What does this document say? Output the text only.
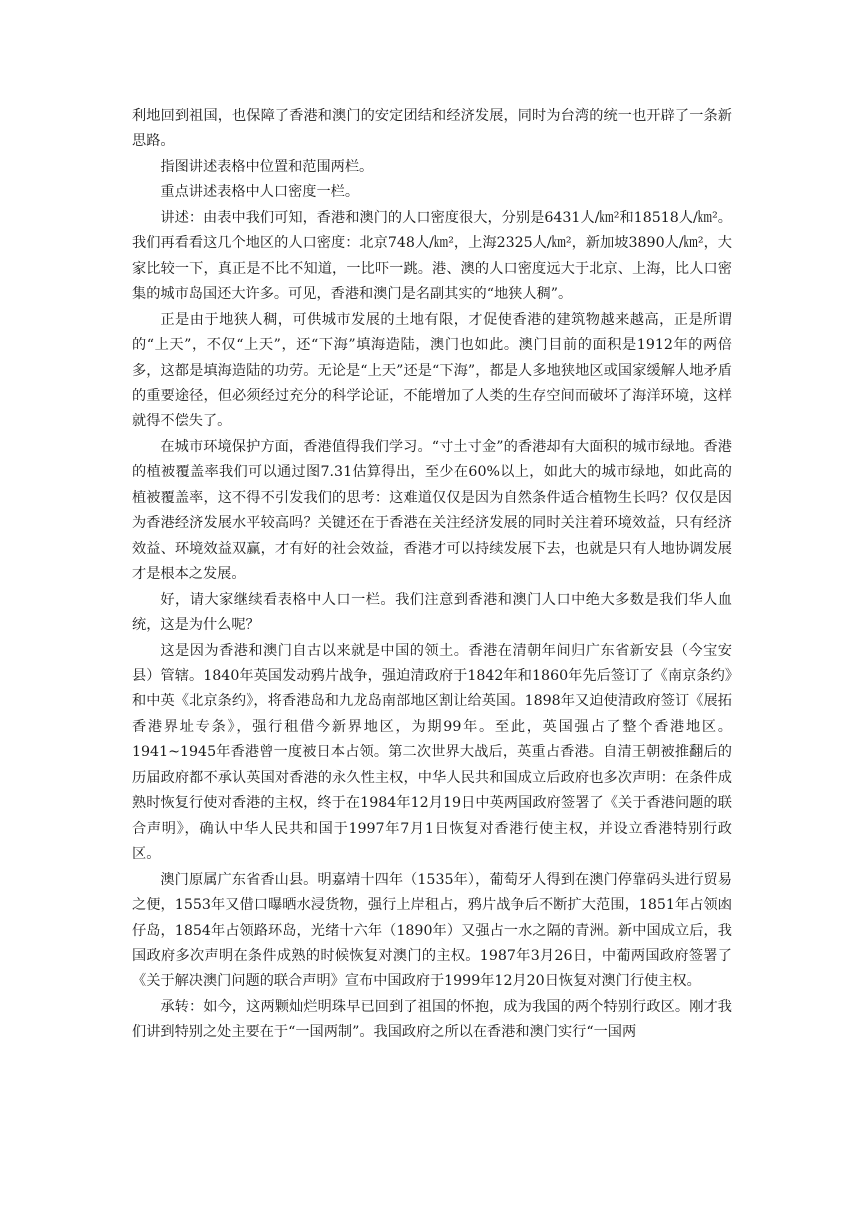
利地回到祖国，也保障了香港和澳门的安定团结和经济发展，同时为台湾的统一也开辟了一条新思路。

指图讲述表格中位置和范围两栏。

重点讲述表格中人口密度一栏。

讲述：由表中我们可知，香港和澳门的人口密度很大，分别是6431人/㎞²和18518人/㎞²。我们再看看这几个地区的人口密度：北京748人/㎞²，上海2325人/㎞²，新加坡3890人/㎞²，大家比较一下，真正是不比不知道，一比吓一跳。港、澳的人口密度远大于北京、上海，比人口密集的城市岛国还大许多。可见，香港和澳门是名副其实的“地狭人稠”。

正是由于地狭人稠，可供城市发展的土地有限，才促使香港的建筑物越来越高，正是所谓的“上天”，不仅“上天”，还“下海”填海造陆，澳门也如此。澳门目前的面积是1912年的两倍多，这都是填海造陆的功劳。无论是“上天”还是“下海”，都是人多地狭地区或国家缓解人地矛盾的重要途径，但必须经过充分的科学论证，不能增加了人类的生存空间而破坏了海洋环境，这样就得不偿失了。

在城市环境保护方面，香港值得我们学习。“寸土寸金”的香港却有大面积的城市绿地。香港的植被覆盖率我们可以通过图7.31估算得出，至少在60%以上，如此大的城市绿地，如此高的植被覆盖率，这不得不引发我们的思考：这难道仅仅是因为自然条件适合植物生长吗？仅仅是因为香港经济发展水平较高吗？关键还在于香港在关注经济发展的同时关注着环境效益，只有经济效益、环境效益双赢，才有好的社会效益，香港才可以持续发展下去，也就是只有人地协调发展才是根本之发展。

好，请大家继续看表格中人口一栏。我们注意到香港和澳门人口中绝大多数是我们华人血统，这是为什么呢？

这是因为香港和澳门自古以来就是中国的领土。香港在清朝年间归广东省新安县（今宝安县）管辖。1840年英国发动鸦片战争，强迫清政府于1842年和1860年先后签订了《南京条约》和中英《北京条约》，将香港岛和九龙岛南部地区割让给英国。1898年又迫使清政府签订《展拓香港界址专条》，强行租借今新界地区，为期99年。至此，英国强占了整个香港地区。1941~1945年香港曾一度被日本占领。第二次世界大战后，英重占香港。自清王朝被推翻后的历届政府都不承认英国对香港的永久性主权，中华人民共和国成立后政府也多次声明：在条件成熟时恢复行使对香港的主权，终于在1984年12月19日中英两国政府签署了《关于香港问题的联合声明》，确认中华人民共和国于1997年7月1日恢复对香港行使主权，并设立香港特别行政区。

澳门原属广东省香山县。明嘉靖十四年（1535年），葡萄牙人得到在澳门停靠码头进行贸易之便，1553年又借口曝晒水浸货物，强行上岸租占，鸦片战争后不断扩大范围，1851年占领凼仔岛，1854年占领路环岛，光绪十六年（1890年）又强占一水之隔的青洲。新中国成立后，我国政府多次声明在条件成熟的时候恢复对澳门的主权。1987年3月26日，中葡两国政府签署了《关于解决澳门问题的联合声明》宣布中国政府于1999年12月20日恢复对澳门行使主权。

承转：如今，这两颗灿烂明珠早已回到了祖国的怀抱，成为我国的两个特别行政区。刚才我们讲到特别之处主要在于“一国两制”。我国政府之所以在香港和澳门实行“一国两
